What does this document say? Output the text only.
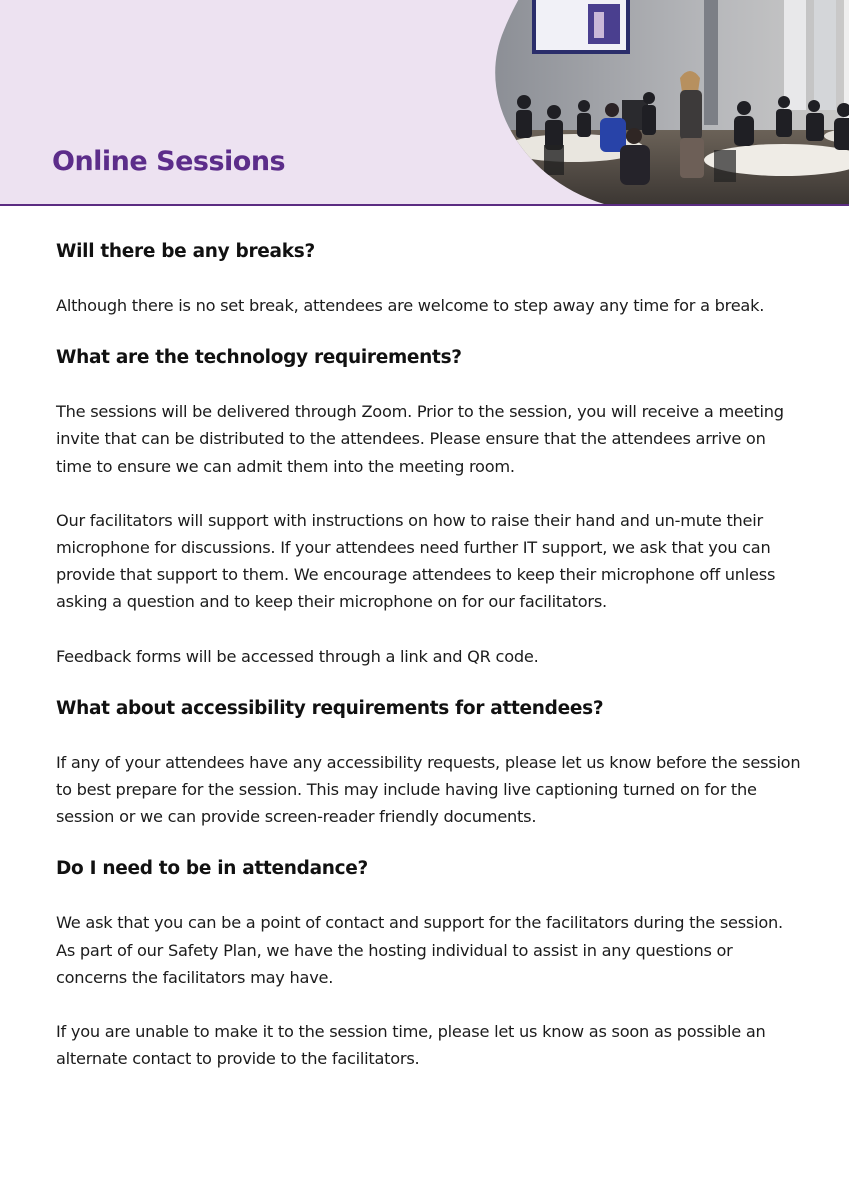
Online Sessions
Will there be any breaks?

Although there is no set break, attendees are welcome to step away any time for a break.

What are the technology requirements?

The sessions will be delivered through Zoom. Prior to the session, you will receive a meeting invite that can be distributed to the attendees. Please ensure that the attendees arrive on time to ensure we can admit them into the meeting room.

Our facilitators will support with instructions on how to raise their hand and un-mute their microphone for discussions. If your attendees need further IT support, we ask that you can provide that support to them. We encourage attendees to keep their microphone off unless asking a question and to keep their microphone on for our facilitators.

Feedback forms will be accessed through a link and QR code.

What about accessibility requirements for attendees?

If any of your attendees have any accessibility requests, please let us know before the session to best prepare for the session. This may include having live captioning turned on for the session or we can provide screen-reader friendly documents.

Do I need to be in attendance?

We ask that you can be a point of contact and support for the facilitators during the session. As part of our Safety Plan, we have the hosting individual to assist in any questions or concerns the facilitators may have.

If you are unable to make it to the session time, please let us know as soon as possible an alternate contact to provide to the facilitators.
